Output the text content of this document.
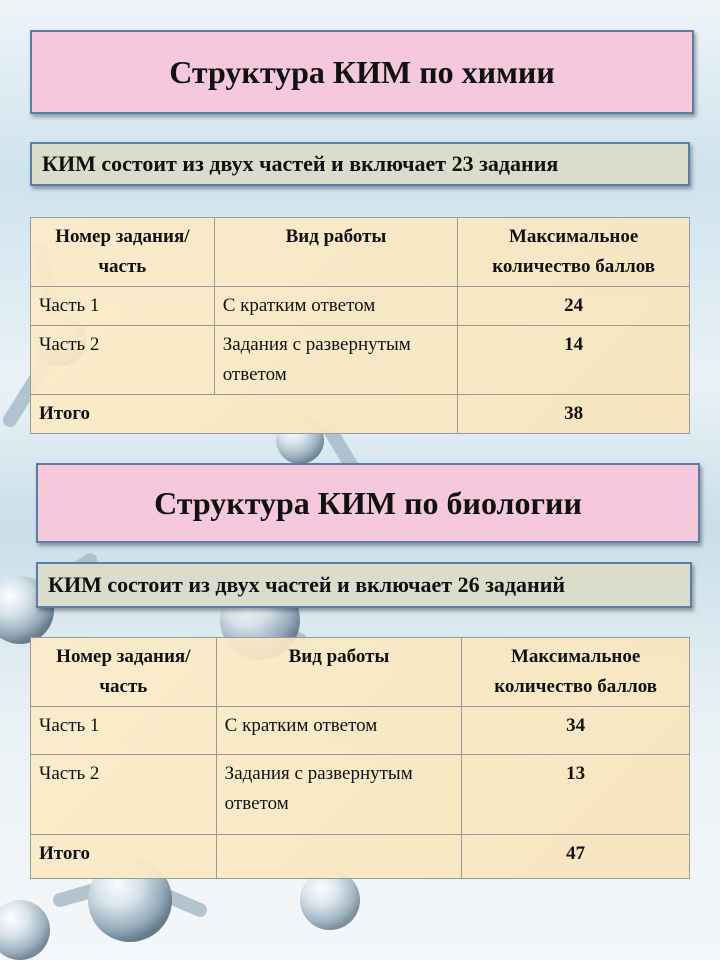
Структура КИМ по химии
КИМ состоит из двух частей и включает 23 задания
Номер задания/ часть	Вид работы	Максимальное количество баллов
Часть 1	С кратким ответом	24
Часть 2	Задания с развернутым ответом	14
Итого		38
Структура КИМ по биологии
КИМ состоит из двух частей и включает 26 заданий
Номер задания/ часть	Вид работы	Максимальное количество баллов
Часть 1	С кратким ответом	34
Часть 2	Задания с развернутым ответом	13
Итого		47
